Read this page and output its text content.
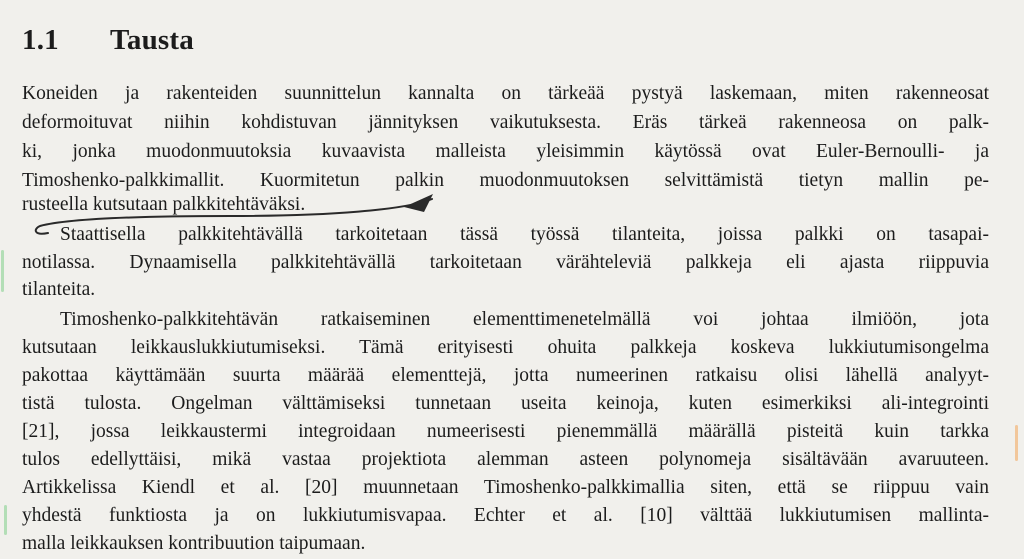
1.1 Tausta
Koneiden ja rakenteiden suunnittelun kannalta on tärkeää pystyä laskemaan, miten rakenneosat
deformoituvat niihin kohdistuvan jännityksen vaikutuksesta. Eräs tärkeä rakenneosa on palk-
ki, jonka muodonmuutoksia kuvaavista malleista yleisimmin käytössä ovat Euler-Bernoulli- ja
Timoshenko-palkkimallit. Kuormitetun palkin muodonmuutoksen selvittämistä tietyn mallin pe-
rusteella kutsutaan palkkitehtäväksi.
Staattisella palkkitehtävällä tarkoitetaan tässä työssä tilanteita, joissa palkki on tasapai-
notilassa. Dynaamisella palkkitehtävällä tarkoitetaan värähteleviä palkkeja eli ajasta riippuvia
tilanteita.
Timoshenko-palkkitehtävän ratkaiseminen elementtimenetelmällä voi johtaa ilmiöön, jota
kutsutaan leikkauslukkiutumiseksi. Tämä erityisesti ohuita palkkeja koskeva lukkiutumisongelma
pakottaa käyttämään suurta määrää elementtejä, jotta numeerinen ratkaisu olisi lähellä analyyt-
tistä tulosta. Ongelman välttämiseksi tunnetaan useita keinoja, kuten esimerkiksi ali-integrointi
[21], jossa leikkaustermi integroidaan numeerisesti pienemmällä määrällä pisteitä kuin tarkka
tulos edellyttäisi, mikä vastaa projektiota alemman asteen polynomeja sisältävään avaruuteen.
Artikkelissa Kiendl et al. [20] muunnetaan Timoshenko-palkkimallia siten, että se riippuu vain
yhdestä funktiosta ja on lukkiutumisvapaa. Echter et al. [10] välttää lukkiutumisen mallinta-
malla leikkauksen kontribuution taipumaan.
